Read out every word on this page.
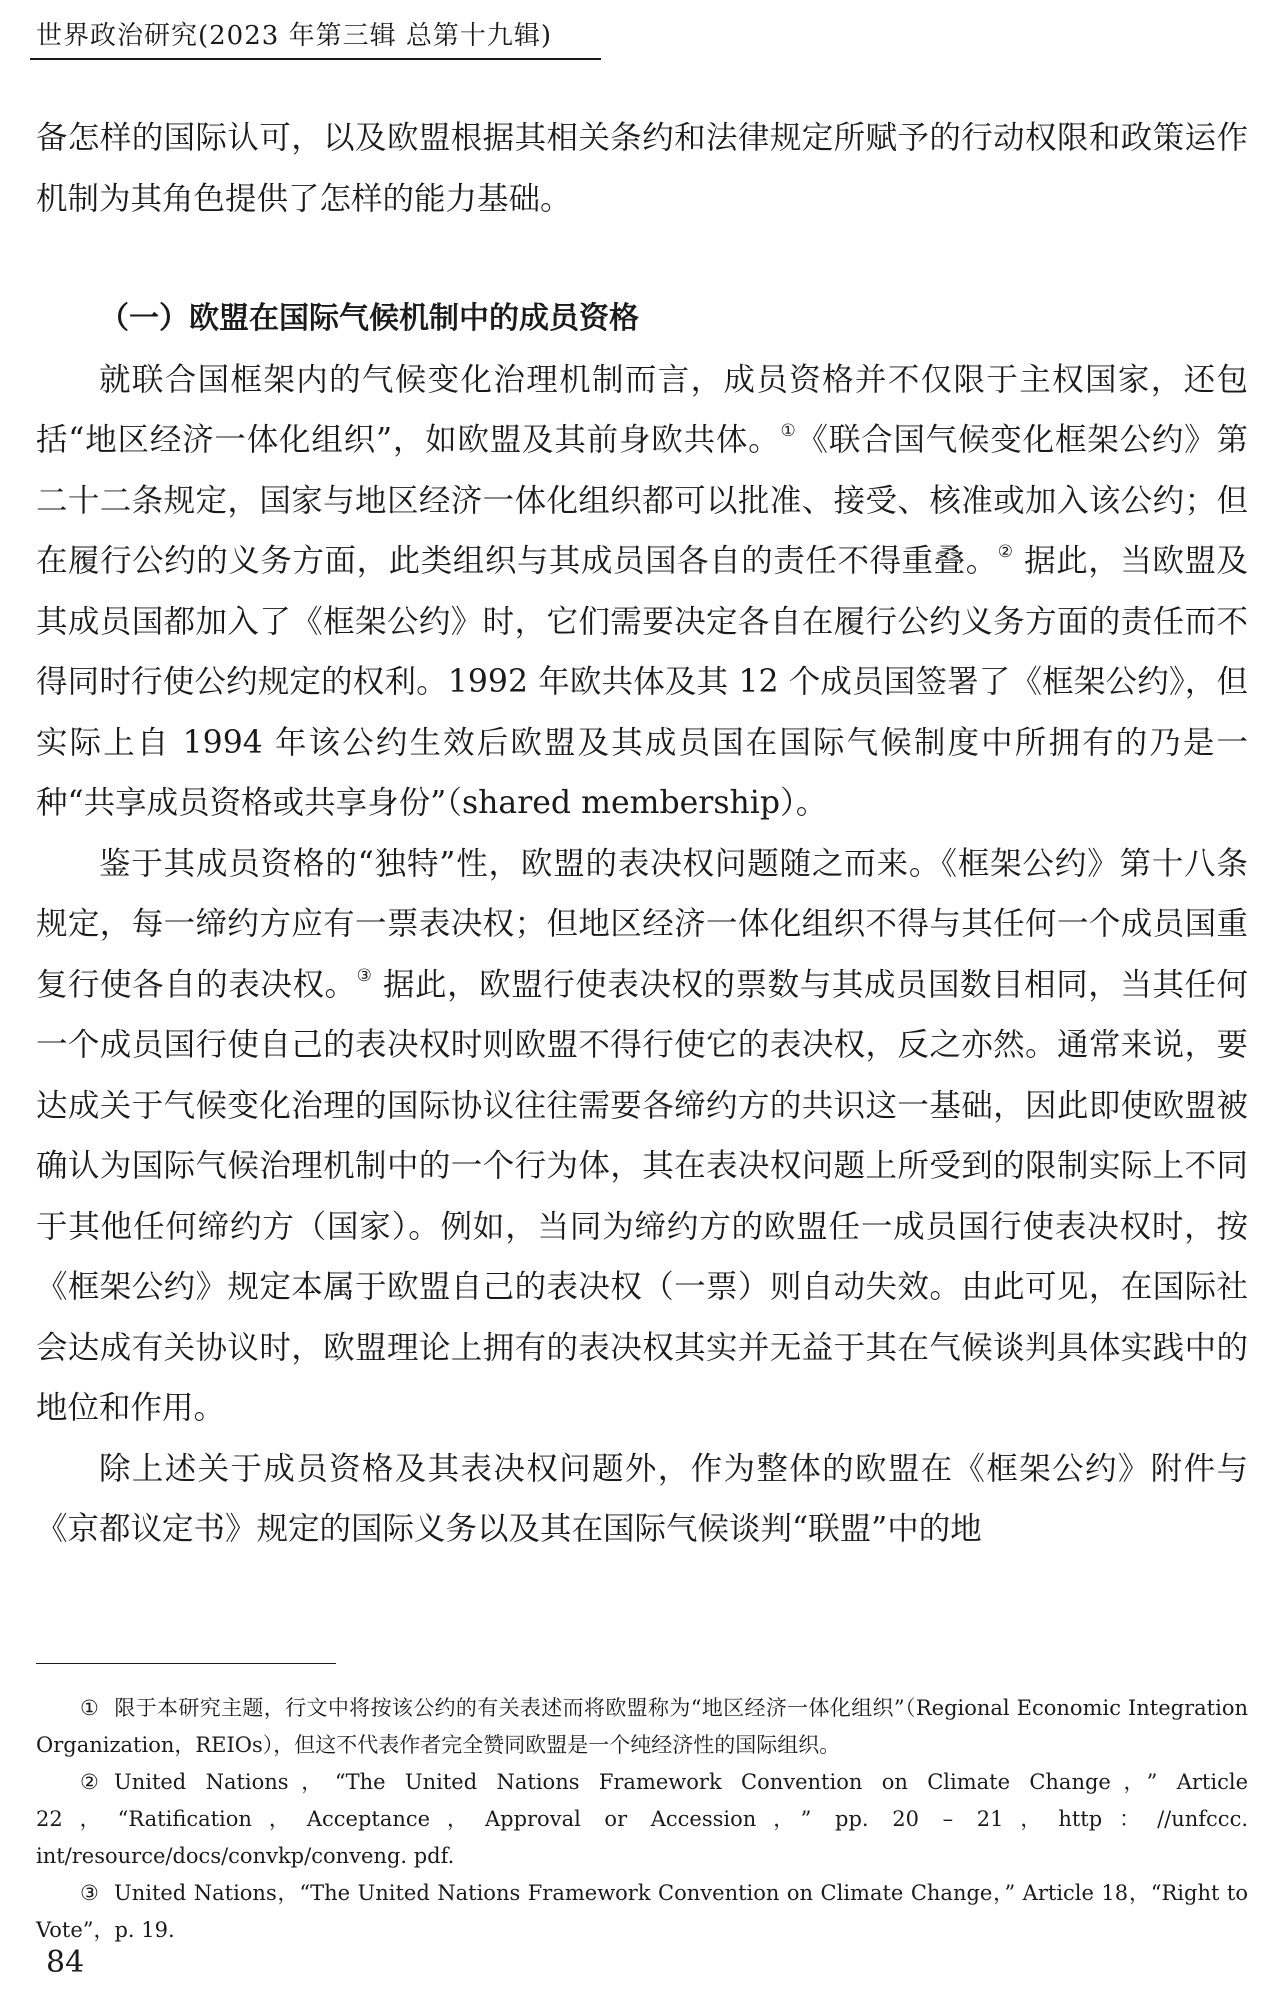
世界政治研究(2023 年第三辑 总第十九辑)

备怎样的国际认可，以及欧盟根据其相关条约和法律规定所赋予的行动权限和政策运作机制为其角色提供了怎样的能力基础。

（一）欧盟在国际气候机制中的成员资格

就联合国框架内的气候变化治理机制而言，成员资格并不仅限于主权国家，还包括“地区经济一体化组织”，如欧盟及其前身欧共体。①《联合国气候变化框架公约》第二十二条规定，国家与地区经济一体化组织都可以批准、接受、核准或加入该公约；但在履行公约的义务方面，此类组织与其成员国各自的责任不得重叠。② 据此，当欧盟及其成员国都加入了《框架公约》时，它们需要决定各自在履行公约义务方面的责任而不得同时行使公约规定的权利。1992 年欧共体及其 12 个成员国签署了《框架公约》，但实际上自 1994 年该公约生效后欧盟及其成员国在国际气候制度中所拥有的乃是一种“共享成员资格或共享身份”（shared membership）。

鉴于其成员资格的“独特”性，欧盟的表决权问题随之而来。《框架公约》第十八条规定，每一缔约方应有一票表决权；但地区经济一体化组织不得与其任何一个成员国重复行使各自的表决权。③ 据此，欧盟行使表决权的票数与其成员国数目相同，当其任何一个成员国行使自己的表决权时则欧盟不得行使它的表决权，反之亦然。通常来说，要达成关于气候变化治理的国际协议往往需要各缔约方的共识这一基础，因此即使欧盟被确认为国际气候治理机制中的一个行为体，其在表决权问题上所受到的限制实际上不同于其他任何缔约方（国家）。例如，当同为缔约方的欧盟任一成员国行使表决权时，按《框架公约》规定本属于欧盟自己的表决权（一票）则自动失效。由此可见，在国际社会达成有关协议时，欧盟理论上拥有的表决权其实并无益于其在气候谈判具体实践中的地位和作用。

除上述关于成员资格及其表决权问题外，作为整体的欧盟在《框架公约》附件与《京都议定书》规定的国际义务以及其在国际气候谈判“联盟”中的地

① 限于本研究主题，行文中将按该公约的有关表述而将欧盟称为“地区经济一体化组织”（Regional Economic Integration Organization，REIOs），但这不代表作者完全赞同欧盟是一个纯经济性的国际组织。

② United Nations，“The United Nations Framework Convention on Climate Change，” Article 22，“Ratification，Acceptance，Approval or Accession，” pp. 20 – 21，http：//unfccc. int/resource/docs/convkp/conveng. pdf.

③ United Nations，“The United Nations Framework Convention on Climate Change，” Article 18，“Right to Vote”，p. 19.

84
